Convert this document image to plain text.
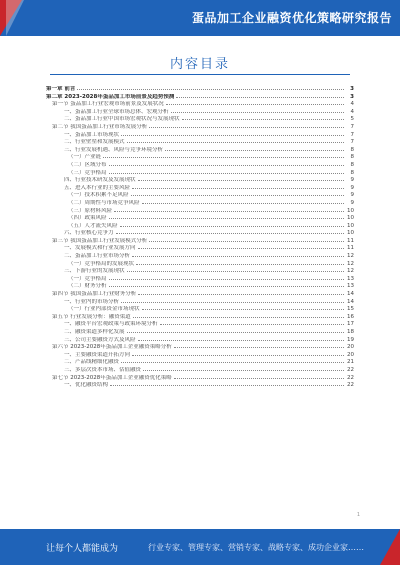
蛋品加工企业融资优化策略研究报告
内容目录
第一章 前言	3
第二章 2023-2028年蛋品加工市场前景及趋势预测	3
第一节 蛋品加工行业宏观市场前景及发展状况	4
一、蛋品加工行业全球市场总体、宏观分析	4
二、蛋品加工行业中国市场宏观状况与发展现状	5
第二节 我国蛋品加工行业市场发展分析	7
一、蛋品加工市场现状	7
二、行业壁垒和发展模式	7
三、行业发展机遇、风险与竞争环境分析	8
（一）产业链	8
（二）区域分布	8
（三）竞争格局	8
四、行业技术研发及发展现状	9
五、进入本行业的主要风险	9
（一）技术积累不足风险	9
（二）周期性与市场竞争风险	9
（三）原材料风险	10
（四）政策风险	10
（五）人才流失风险	10
六、行业核心竞争力	10
第三节 我国蛋品加工行业发展模式分析	11
一、发展模式和行业发展方向	11
二、蛋品加工行业市场分析	12
（一）竞争格局的发展现状	12
三、下游行业的发展现状	12
（一）竞争格局	13
（二）财务分析	13
第四节 我国蛋品加工行业财务分析	14
一、行业内的市场分析	14
（一）行业内部资金市场现状	15
第五节 行业发展分析：融资渠道	16
一、融资平台宏观政策与政策环境分析	17
二、融资渠道多样化发展	18
三、公司主要融资方式及风险	19
第六节 2023-2028年蛋品加工企业融资策略分析	20
一、主要融资渠道开拓方向	20
二、产品线精细化融资	21
三、多层次资本市场、估值融资	22
第七节 2023-2028年蛋品加工企业融资优化策略	22
一、优化融资结构	22
1
让每个人都能成为	行业专家、管理专家、营销专家、战略专家、成功企业家……
